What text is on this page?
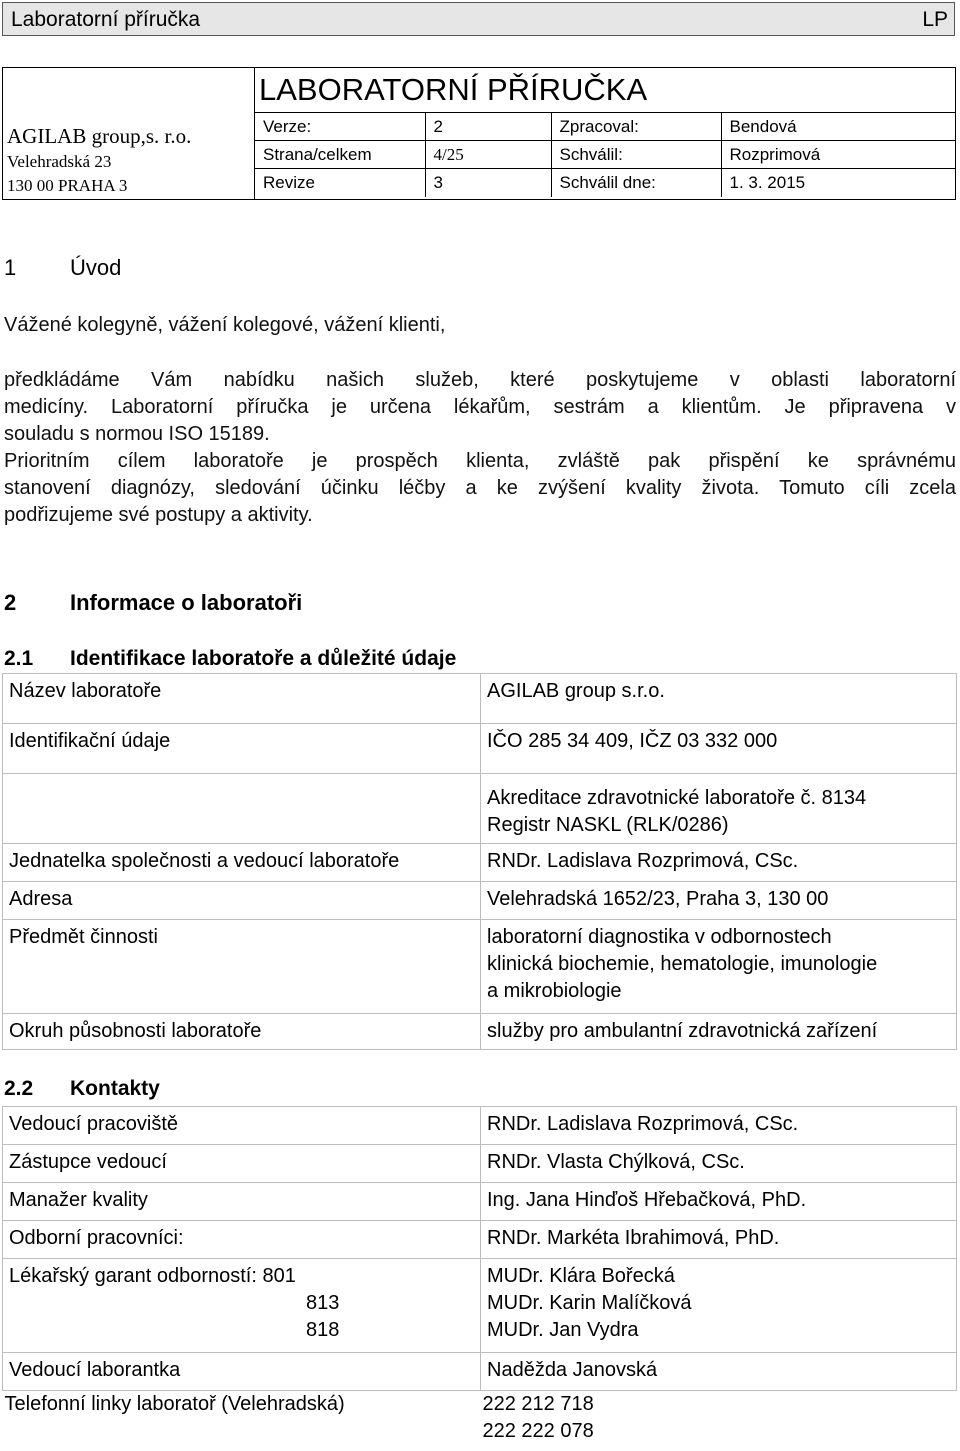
Laboratorní příručka	LP
AGILAB group,s. r.o.
Velehradská 23
130 00 PRAHA 3
LABORATORNÍ PŘÍRUČKA
Verze:	2	Zpracoval:	Bendová
Strana/celkem	4/25	Schválil:	Rozprimová
Revize	3	Schválil dne:	1. 3. 2015
1 Úvod
Vážené kolegyně, vážení kolegové, vážení klienti,
předkládáme Vám nabídku našich služeb, které poskytujeme v oblasti laboratorní
medicíny. Laboratorní příručka je určena lékařům, sestrám a klientům. Je připravena v
souladu s normou ISO 15189.
Prioritním cílem laboratoře je prospěch klienta, zvláště pak přispění ke správnému
stanovení diagnózy, sledování účinku léčby a ke zvýšení kvality života. Tomuto cíli zcela
podřizujeme své postupy a aktivity.
2 Informace o laboratoři
2.1 Identifikace laboratoře a důležité údaje
Název laboratoře	AGILAB group s.r.o.
Identifikační údaje	IČO 285 34 409, IČZ 03 332 000

	Akreditace zdravotnické laboratoře č. 8134
Registr NASKL (RLK/0286)

Jednatelka společnosti a vedoucí laboratoře	RNDr. Ladislava Rozprimová, CSc.
Adresa	Velehradská 1652/23, Praha 3, 130 00
Předmět činnosti	laboratorní diagnostika v odbornostech
klinická biochemie, hematologie, imunologie
a mikrobiologie

Okruh působnosti laboratoře	služby pro ambulantní zdravotnická zařízení
2.2 Kontakty
Vedoucí pracoviště	RNDr. Ladislava Rozprimová, CSc.
Zástupce vedoucí	RNDr. Vlasta Chýlková, CSc.
Manažer kvality	Ing. Jana Hinďoš Hřebačková, PhD.
Odborní pracovníci:	RNDr. Markéta Ibrahimová, PhD.

Lékařský garant odborností: 801
813
818	MUDr. Klára Bořecká
MUDr. Karin Malíčková
MUDr. Jan Vydra

Vedoucí laborantka	Naděžda Janovská
Telefonní linky laboratoř (Velehradská)	222 212 718
222 222 078
